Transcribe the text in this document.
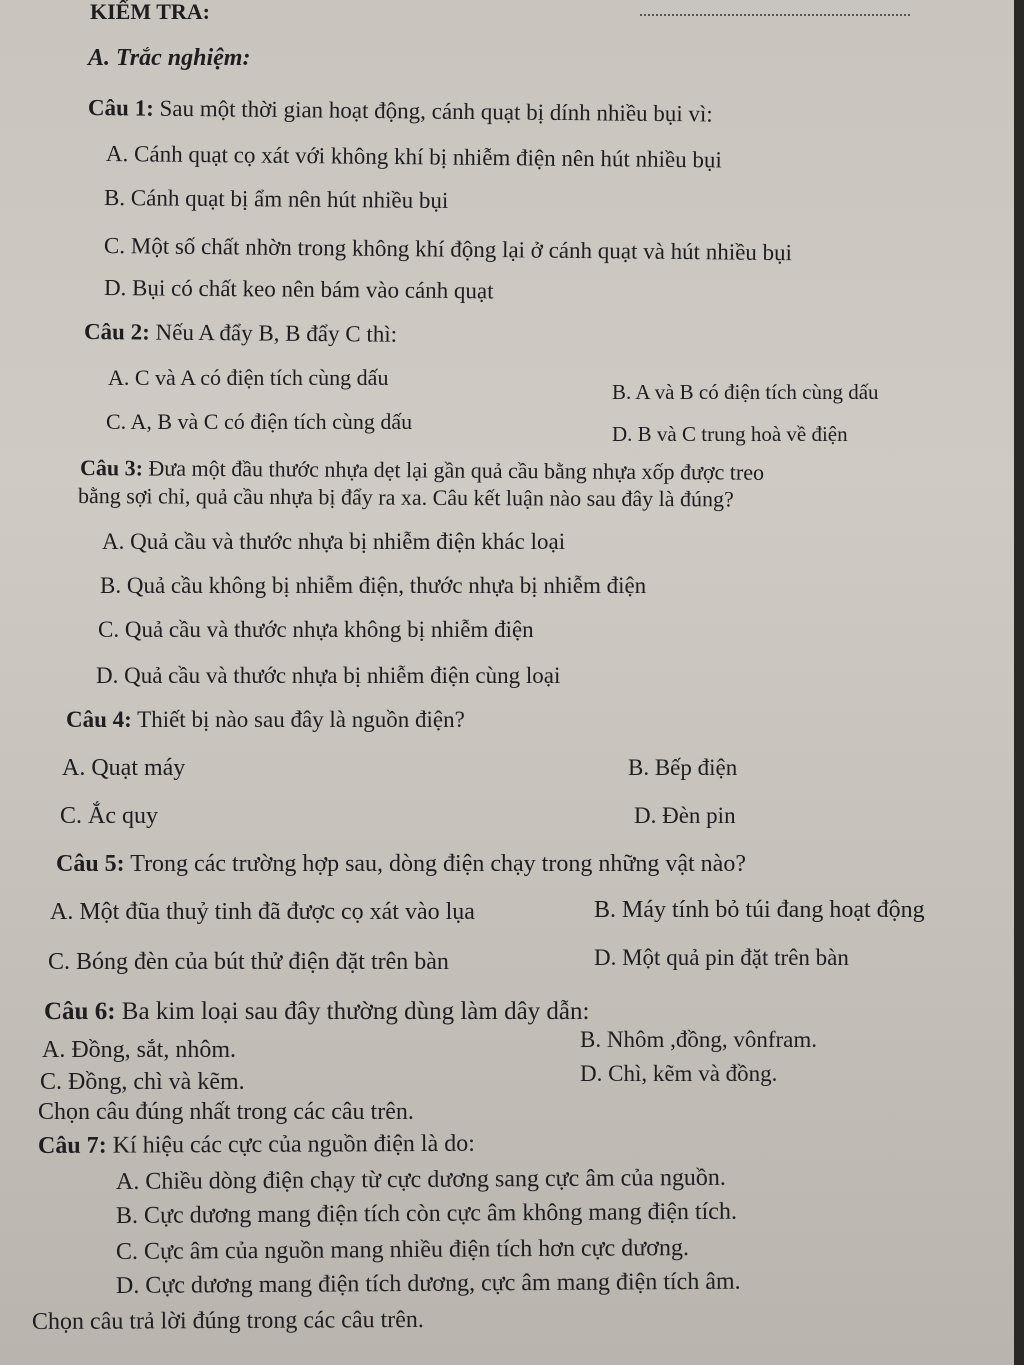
KIỂM TRA:
A. Trắc nghiệm:
Câu 1: Sau một thời gian hoạt động, cánh quạt bị dính nhiều bụi vì:
A. Cánh quạt cọ xát với không khí bị nhiễm điện nên hút nhiều bụi
B. Cánh quạt bị ẩm nên hút nhiều bụi
C. Một số chất nhờn trong không khí động lại ở cánh quạt và hút nhiều bụi
D. Bụi có chất keo nên bám vào cánh quạt
Câu 2: Nếu A đẩy B, B đẩy C thì:
A. C và A có điện tích cùng dấu
B. A và B có điện tích cùng dấu
C. A, B và C có điện tích cùng dấu	D. B và C trung hoà về điện
Câu 3: Đưa một đầu thước nhựa dẹt lại gần quả cầu bằng nhựa xốp được treo
bằng sợi chỉ, quả cầu nhựa bị đẩy ra xa. Câu kết luận nào sau đây là đúng?
A. Quả cầu và thước nhựa bị nhiễm điện khác loại
B. Quả cầu không bị nhiễm điện, thước nhựa bị nhiễm điện
C. Quả cầu và thước nhựa không bị nhiễm điện
D. Quả cầu và thước nhựa bị nhiễm điện cùng loại
Câu 4: Thiết bị nào sau đây là nguồn điện?
A. Quạt máy	B. Bếp điện
C. Ắc quy	D. Đèn pin
Câu 5: Trong các trường hợp sau, dòng điện chạy trong những vật nào?
A. Một đũa thuỷ tinh đã được cọ xát vào lụa	B. Máy tính bỏ túi đang hoạt động
C. Bóng đèn của bút thử điện đặt trên bàn	D. Một quả pin đặt trên bàn
Câu 6: Ba kim loại sau đây thường dùng làm dây dẫn:
A. Đồng, sắt, nhôm.	B. Nhôm ,đồng, vônfram.
C. Đồng, chì và kẽm.	D. Chì, kẽm và đồng.
Chọn câu đúng nhất trong các câu trên.
Câu 7: Kí hiệu các cực của nguồn điện là do:
A. Chiều dòng điện chạy từ cực dương sang cực âm của nguồn.
B. Cực dương mang điện tích còn cực âm không mang điện tích.
C. Cực âm của nguồn mang nhiều điện tích hơn cực dương.
D. Cực dương mang điện tích dương, cực âm mang điện tích âm.
Chọn câu trả lời đúng trong các câu trên.
